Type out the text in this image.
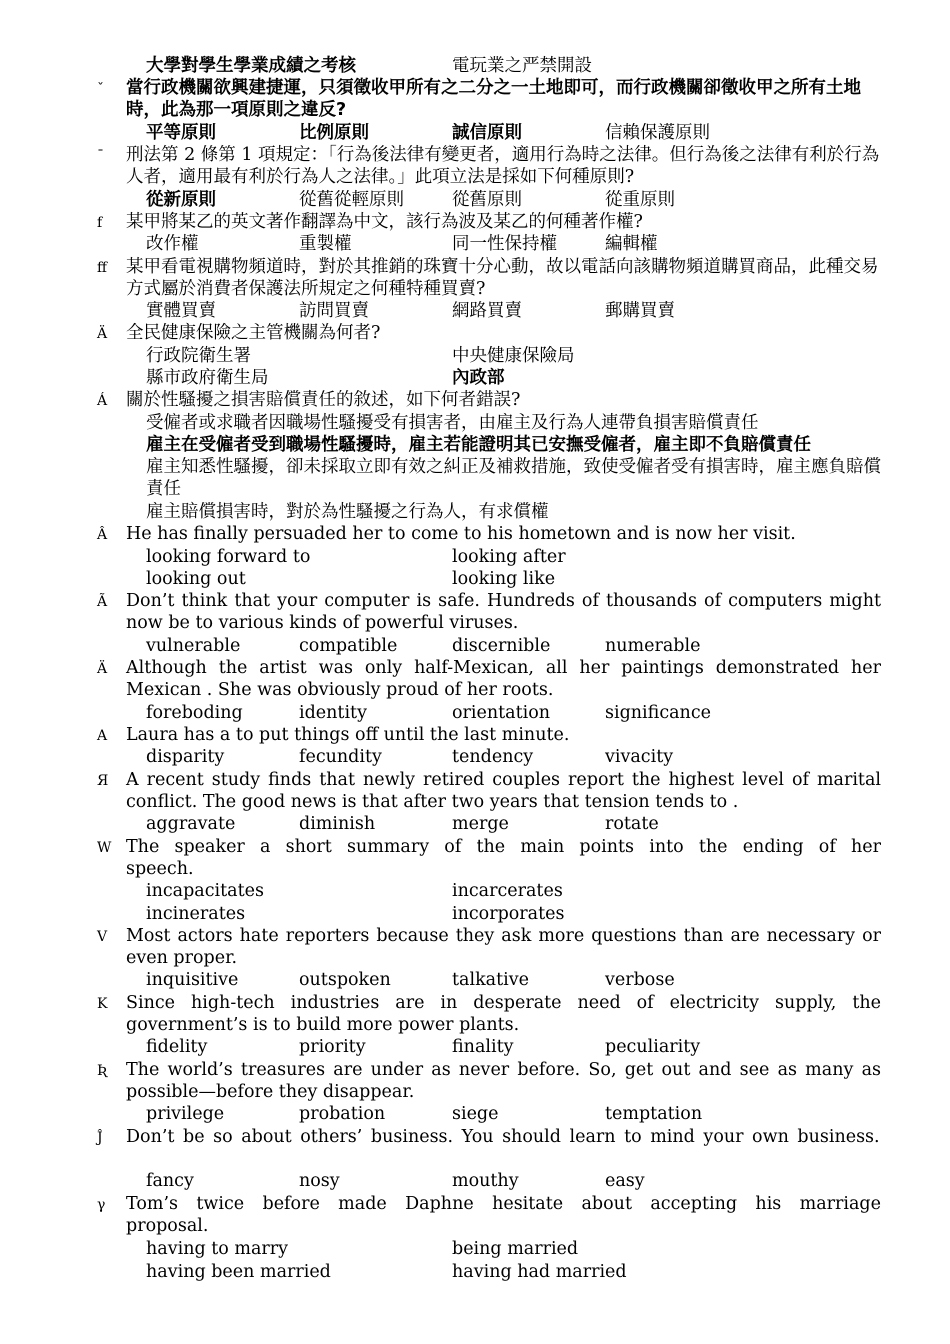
大學對學生學業成績之考核	電玩業之严禁開設
ˇ 當行政機關欲興建捷運，只須徵收甲所有之二分之一土地即可，而行政機關卻徵收甲之所有土地時，此為那一項原則之違反?
平等原則	比例原則	誠信原則	信賴保護原則
ˉ 刑法第 2 條第 1 項規定：「行為後法律有變更者，適用行為時之法律。但行為後之法律有利於行為人者，適用最有利於行為人之法律。」此項立法是採如下何種原則?
從新原則	從舊從輕原則	從舊原則	從重原則
f 某甲將某乙的英文著作翻譯為中文，該行為波及某乙的何種著作權?
改作權	重製權	同一性保持權	編輯權
ff 某甲看電視購物頻道時，對於其推銷的珠寶十分心動，故以電話向該購物頻道購買商品，此種交易方式屬於消費者保護法所規定之何種特種買賣?
實體買賣	訪問買賣	網路買賣	郵購買賣
Ä 全民健康保險之主管機關為何者?
行政院衛生署	中央健康保險局
縣市政府衛生局	內政部
Á 關於性騷擾之損害賠償責任的敘述，如下何者錯誤?
受僱者或求職者因職場性騷擾受有損害者，由雇主及行為人連帶負損害賠償責任
雇主在受僱者受到職場性騷擾時，雇主若能證明其已安撫受僱者，雇主即不負賠償責任
雇主知悉性騷擾，卻未採取立即有效之糾正及補救措施，致使受僱者受有損害時，雇主應負賠償責任
雇主賠償損害時，對於為性騷擾之行為人，有求償權
Â He has finally persuaded her to come to his hometown and is now her visit.
looking forward to	looking after
looking out	looking like
Ã Don’t think that your computer is safe. Hundreds of thousands of computers might now be to various kinds of powerful viruses.
vulnerable	compatible	discernible	numerable
Ä Although the artist was only half-Mexican, all her paintings demonstrated her Mexican . She was obviously proud of her roots.
foreboding	identity	orientation	significance
A Laura has a to put things off until the last minute.
disparity	fecundity	tendency	vivacity
Я A recent study finds that newly retired couples report the highest level of marital conflict. The good news is that after two years that tension tends to .
aggravate	diminish	merge	rotate
W The speaker a short summary of the main points into the ending of her speech.
incapacitates	incarcerates
incinerates	incorporates
V Most actors hate reporters because they ask more questions than are necessary or even proper.
inquisitive	outspoken	talkative	verbose
K Since high-tech industries are in desperate need of electricity supply, the government’s is to build more power plants.
fidelity	priority	finality	peculiarity
Ʀ The world’s treasures are under as never before. So, get out and see as many as possible—before they disappear.
privilege	probation	siege	temptation
Ĵ Don’t be so about others’ business. You should learn to mind your own business.
fancy	nosy	mouthy	easy
γ Tom’s twice before made Daphne hesitate about accepting his marriage proposal.
having to marry	being married
having been married	having had married
